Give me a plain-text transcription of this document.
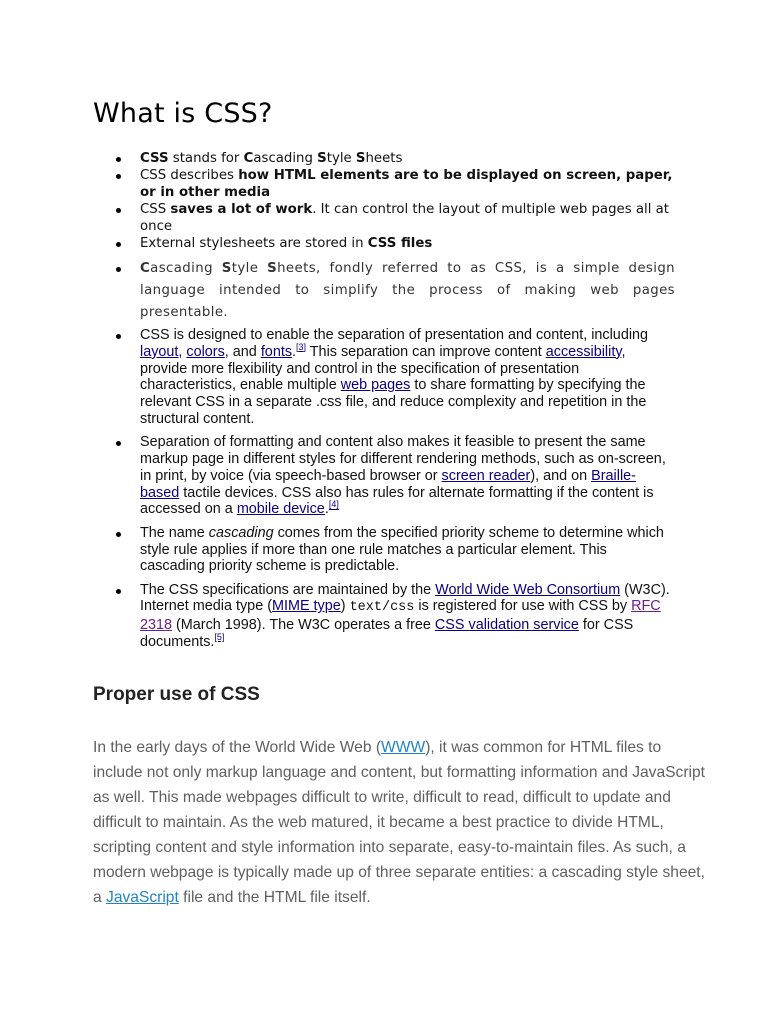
What is CSS?
CSS stands for Cascading Style Sheets
CSS describes how HTML elements are to be displayed on screen, paper, or in other media
CSS saves a lot of work. It can control the layout of multiple web pages all at once
External stylesheets are stored in CSS files
Cascading Style Sheets, fondly referred to as CSS, is a simple design language intended to simplify the process of making web pages presentable.
CSS is designed to enable the separation of presentation and content, including layout, colors, and fonts.[3] This separation can improve content accessibility, provide more flexibility and control in the specification of presentation characteristics, enable multiple web pages to share formatting by specifying the relevant CSS in a separate .css file, and reduce complexity and repetition in the structural content.
Separation of formatting and content also makes it feasible to present the same markup page in different styles for different rendering methods, such as on-screen, in print, by voice (via speech-based browser or screen reader), and on Braille-based tactile devices. CSS also has rules for alternate formatting if the content is accessed on a mobile device.[4]
The name cascading comes from the specified priority scheme to determine which style rule applies if more than one rule matches a particular element. This cascading priority scheme is predictable.
The CSS specifications are maintained by the World Wide Web Consortium (W3C). Internet media type (MIME type) text/css is registered for use with CSS by RFC 2318 (March 1998). The W3C operates a free CSS validation service for CSS documents.[5]
Proper use of CSS

In the early days of the World Wide Web (WWW), it was common for HTML files to include not only markup language and content, but formatting information and JavaScript as well. This made webpages difficult to write, difficult to read, difficult to update and difficult to maintain. As the web matured, it became a best practice to divide HTML, scripting content and style information into separate, easy-to-maintain files. As such, a modern webpage is typically made up of three separate entities: a cascading style sheet, a JavaScript file and the HTML file itself.
